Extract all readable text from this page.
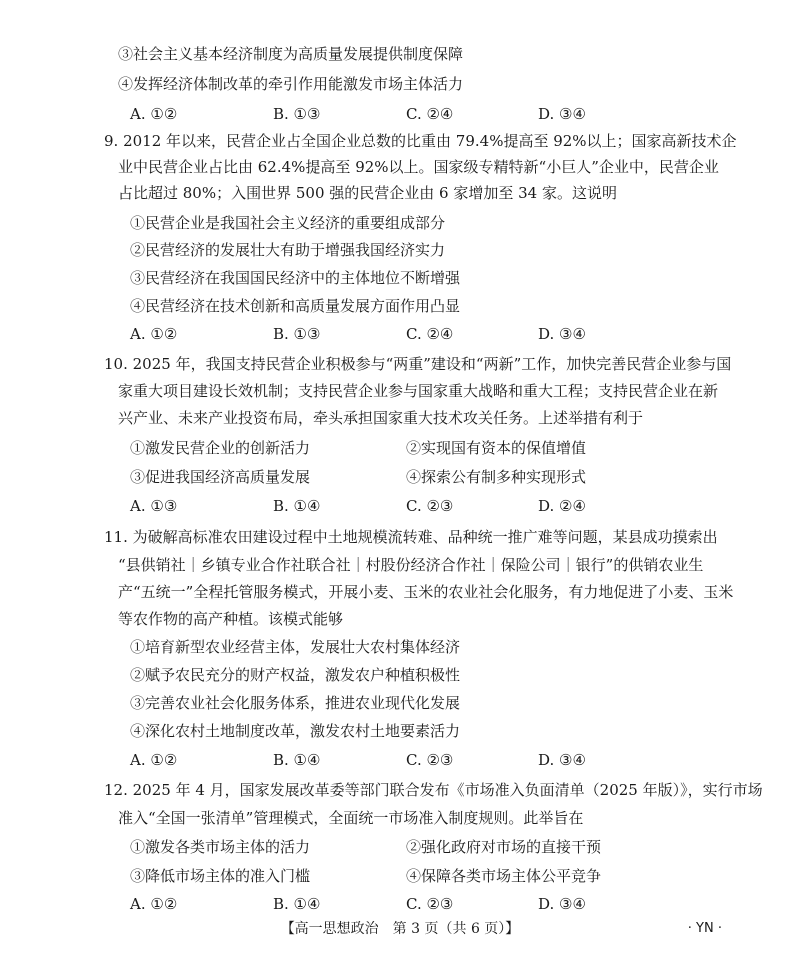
③社会主义基本经济制度为高质量发展提供制度保障
④发挥经济体制改革的牵引作用能激发市场主体活力
A. ①②	B. ①③	C. ②④	D. ③④
9. 2012 年以来，民营企业占全国企业总数的比重由 79.4%提高至 92%以上；国家高新技术企
业中民营企业占比由 62.4%提高至 92%以上。国家级专精特新“小巨人”企业中，民营企业
占比超过 80%；入围世界 500 强的民营企业由 6 家增加至 34 家。这说明
①民营企业是我国社会主义经济的重要组成部分
②民营经济的发展壮大有助于增强我国经济实力
③民营经济在我国国民经济中的主体地位不断增强
④民营经济在技术创新和高质量发展方面作用凸显
A. ①②	B. ①③	C. ②④	D. ③④
10. 2025 年，我国支持民营企业积极参与“两重”建设和“两新”工作，加快完善民营企业参与国
家重大项目建设长效机制；支持民营企业参与国家重大战略和重大工程；支持民营企业在新
兴产业、未来产业投资布局，牵头承担国家重大技术攻关任务。上述举措有利于
①激发民营企业的创新活力	②实现国有资本的保值增值
③促进我国经济高质量发展	④探索公有制多种实现形式
A. ①③	B. ①④	C. ②③	D. ②④
11. 为破解高标准农田建设过程中土地规模流转难、品种统一推广难等问题，某县成功摸索出
“县供销社｜乡镇专业合作社联合社｜村股份经济合作社｜保险公司｜银行”的供销农业生
产“五统一”全程托管服务模式，开展小麦、玉米的农业社会化服务，有力地促进了小麦、玉米
等农作物的高产种植。该模式能够
①培育新型农业经营主体，发展壮大农村集体经济
②赋予农民充分的财产权益，激发农户种植积极性
③完善农业社会化服务体系，推进农业现代化发展
④深化农村土地制度改革，激发农村土地要素活力
A. ①②	B. ①④	C. ②③	D. ③④
12. 2025 年 4 月，国家发展改革委等部门联合发布《市场准入负面清单（2025 年版）》，实行市场
准入“全国一张清单”管理模式，全面统一市场准入制度规则。此举旨在
①激发各类市场主体的活力	②强化政府对市场的直接干预
③降低市场主体的准入门槛	④保障各类市场主体公平竞争
A. ①②	B. ①④	C. ②③	D. ③④
【高一思想政治　第 3 页（共 6 页）】	· YN ·
